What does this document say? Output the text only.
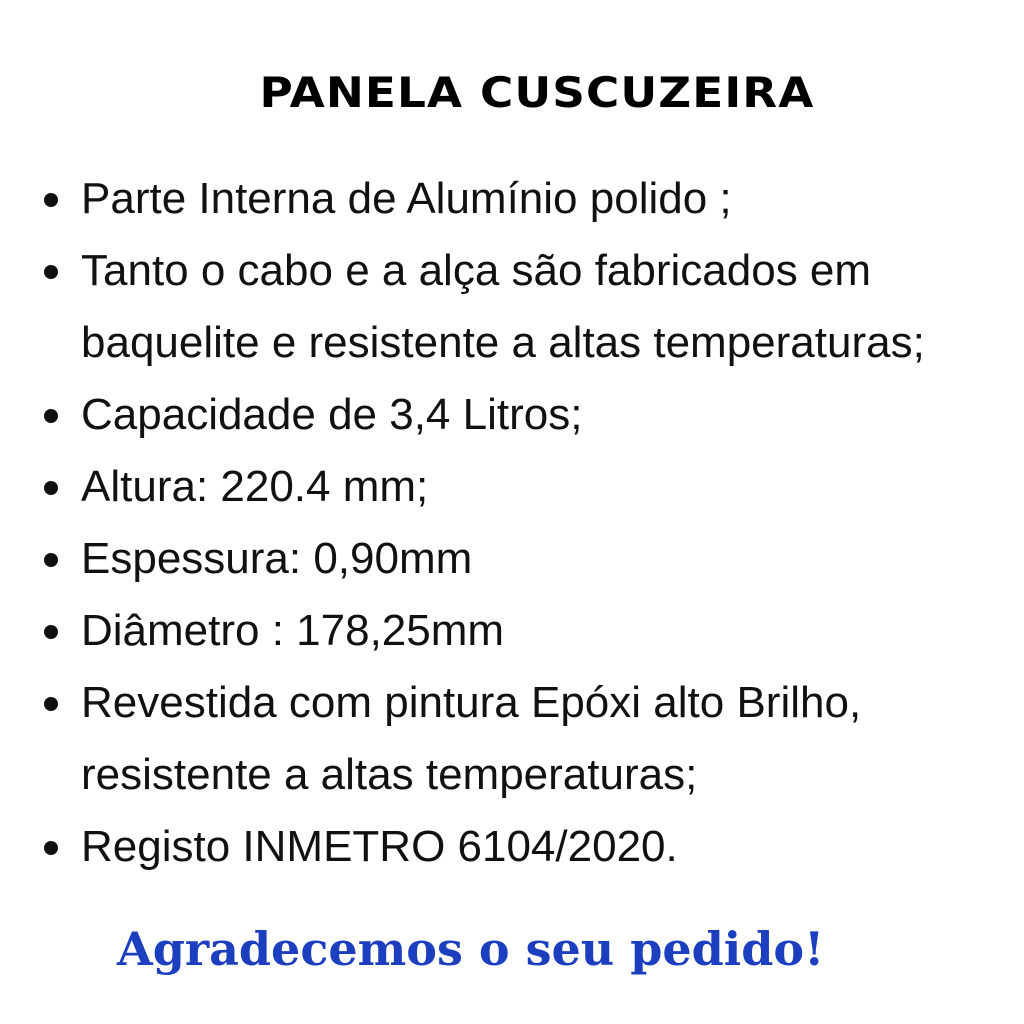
PANELA CUSCUZEIRA
Parte Interna de Alumínio polido ;
Tanto o cabo e a alça são fabricados em
baquelite e resistente a altas temperaturas;
Capacidade de 3,4 Litros;
Altura: 220.4 mm;
Espessura: 0,90mm
Diâmetro : 178,25mm
Revestida com pintura Epóxi alto Brilho,
resistente a altas temperaturas;
Registo INMETRO 6104/2020.
Agradecemos o seu pedido!
